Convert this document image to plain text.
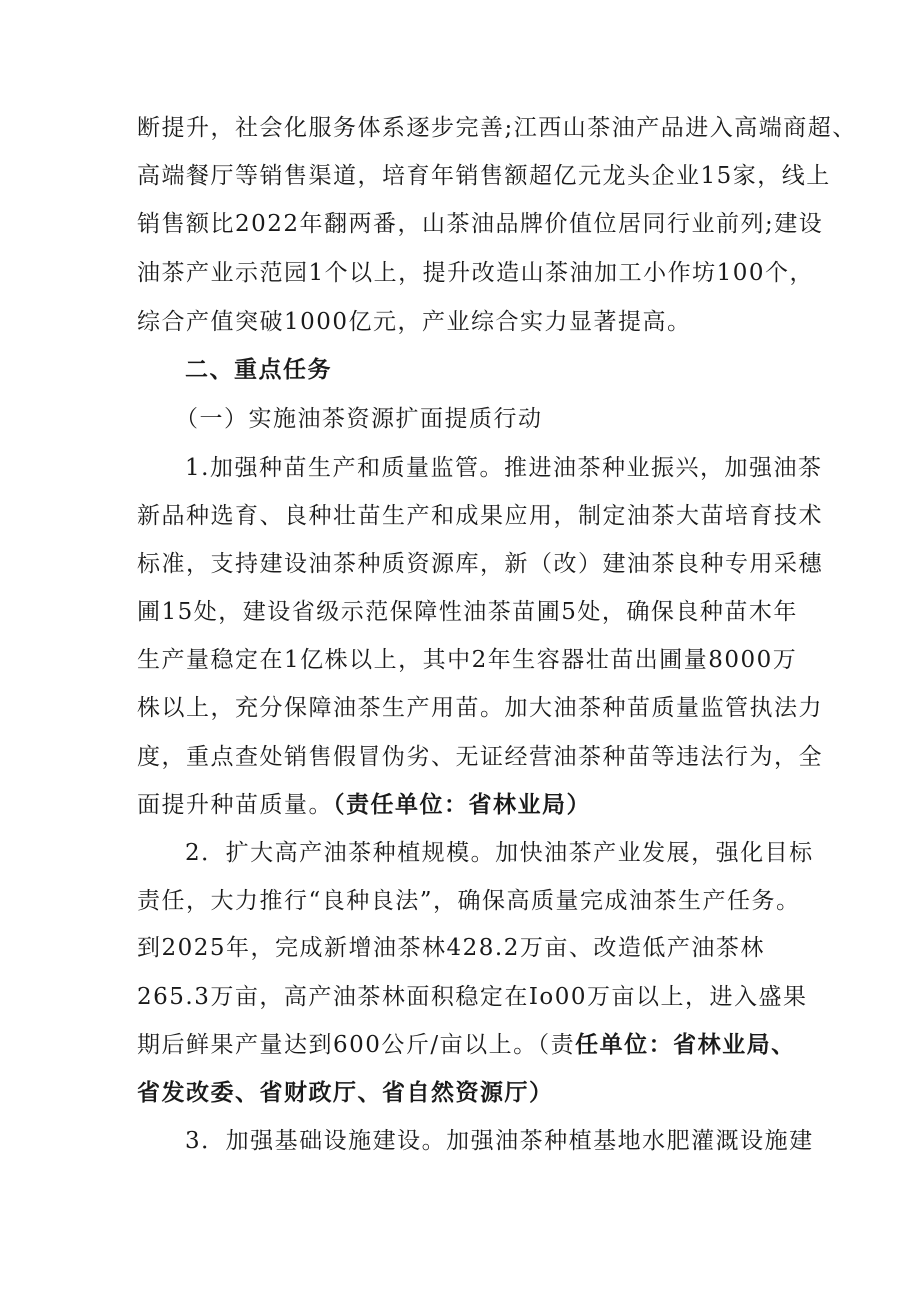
断提升，社会化服务体系逐步完善;江西山茶油产品进入高端商超、
高端餐厅等销售渠道，培育年销售额超亿元龙头企业15家，线上
销售额比2022年翻两番，山茶油品牌价值位居同行业前列;建设
油茶产业示范园1个以上，提升改造山茶油加工小作坊100个，
综合产值突破1000亿元，产业综合实力显著提高。
二、重点任务
（一）实施油茶资源扩面提质行动
1.加强种苗生产和质量监管。推进油茶种业振兴，加强油茶
新品种选育、良种壮苗生产和成果应用，制定油茶大苗培育技术
标准，支持建设油茶种质资源库，新（改）建油茶良种专用采穗
圃15处，建设省级示范保障性油茶苗圃5处，确保良种苗木年
生产量稳定在1亿株以上，其中2年生容器壮苗出圃量8000万
株以上，充分保障油茶生产用苗。加大油茶种苗质量监管执法力
度，重点查处销售假冒伪劣、无证经营油茶种苗等违法行为，全
面提升种苗质量。（责任单位：省林业局）
2．扩大高产油茶种植规模。加快油茶产业发展，强化目标
责任，大力推行“良种良法”，确保高质量完成油茶生产任务。
到2025年，完成新增油茶林428.2万亩、改造低产油茶林
265.3万亩，高产油茶林面积稳定在Io00万亩以上，进入盛果
期后鲜果产量达到600公斤/亩以上。（责任单位：省林业局、
省发改委、省财政厅、省自然资源厅）
3．加强基础设施建设。加强油茶种植基地水肥灌溉设施建
